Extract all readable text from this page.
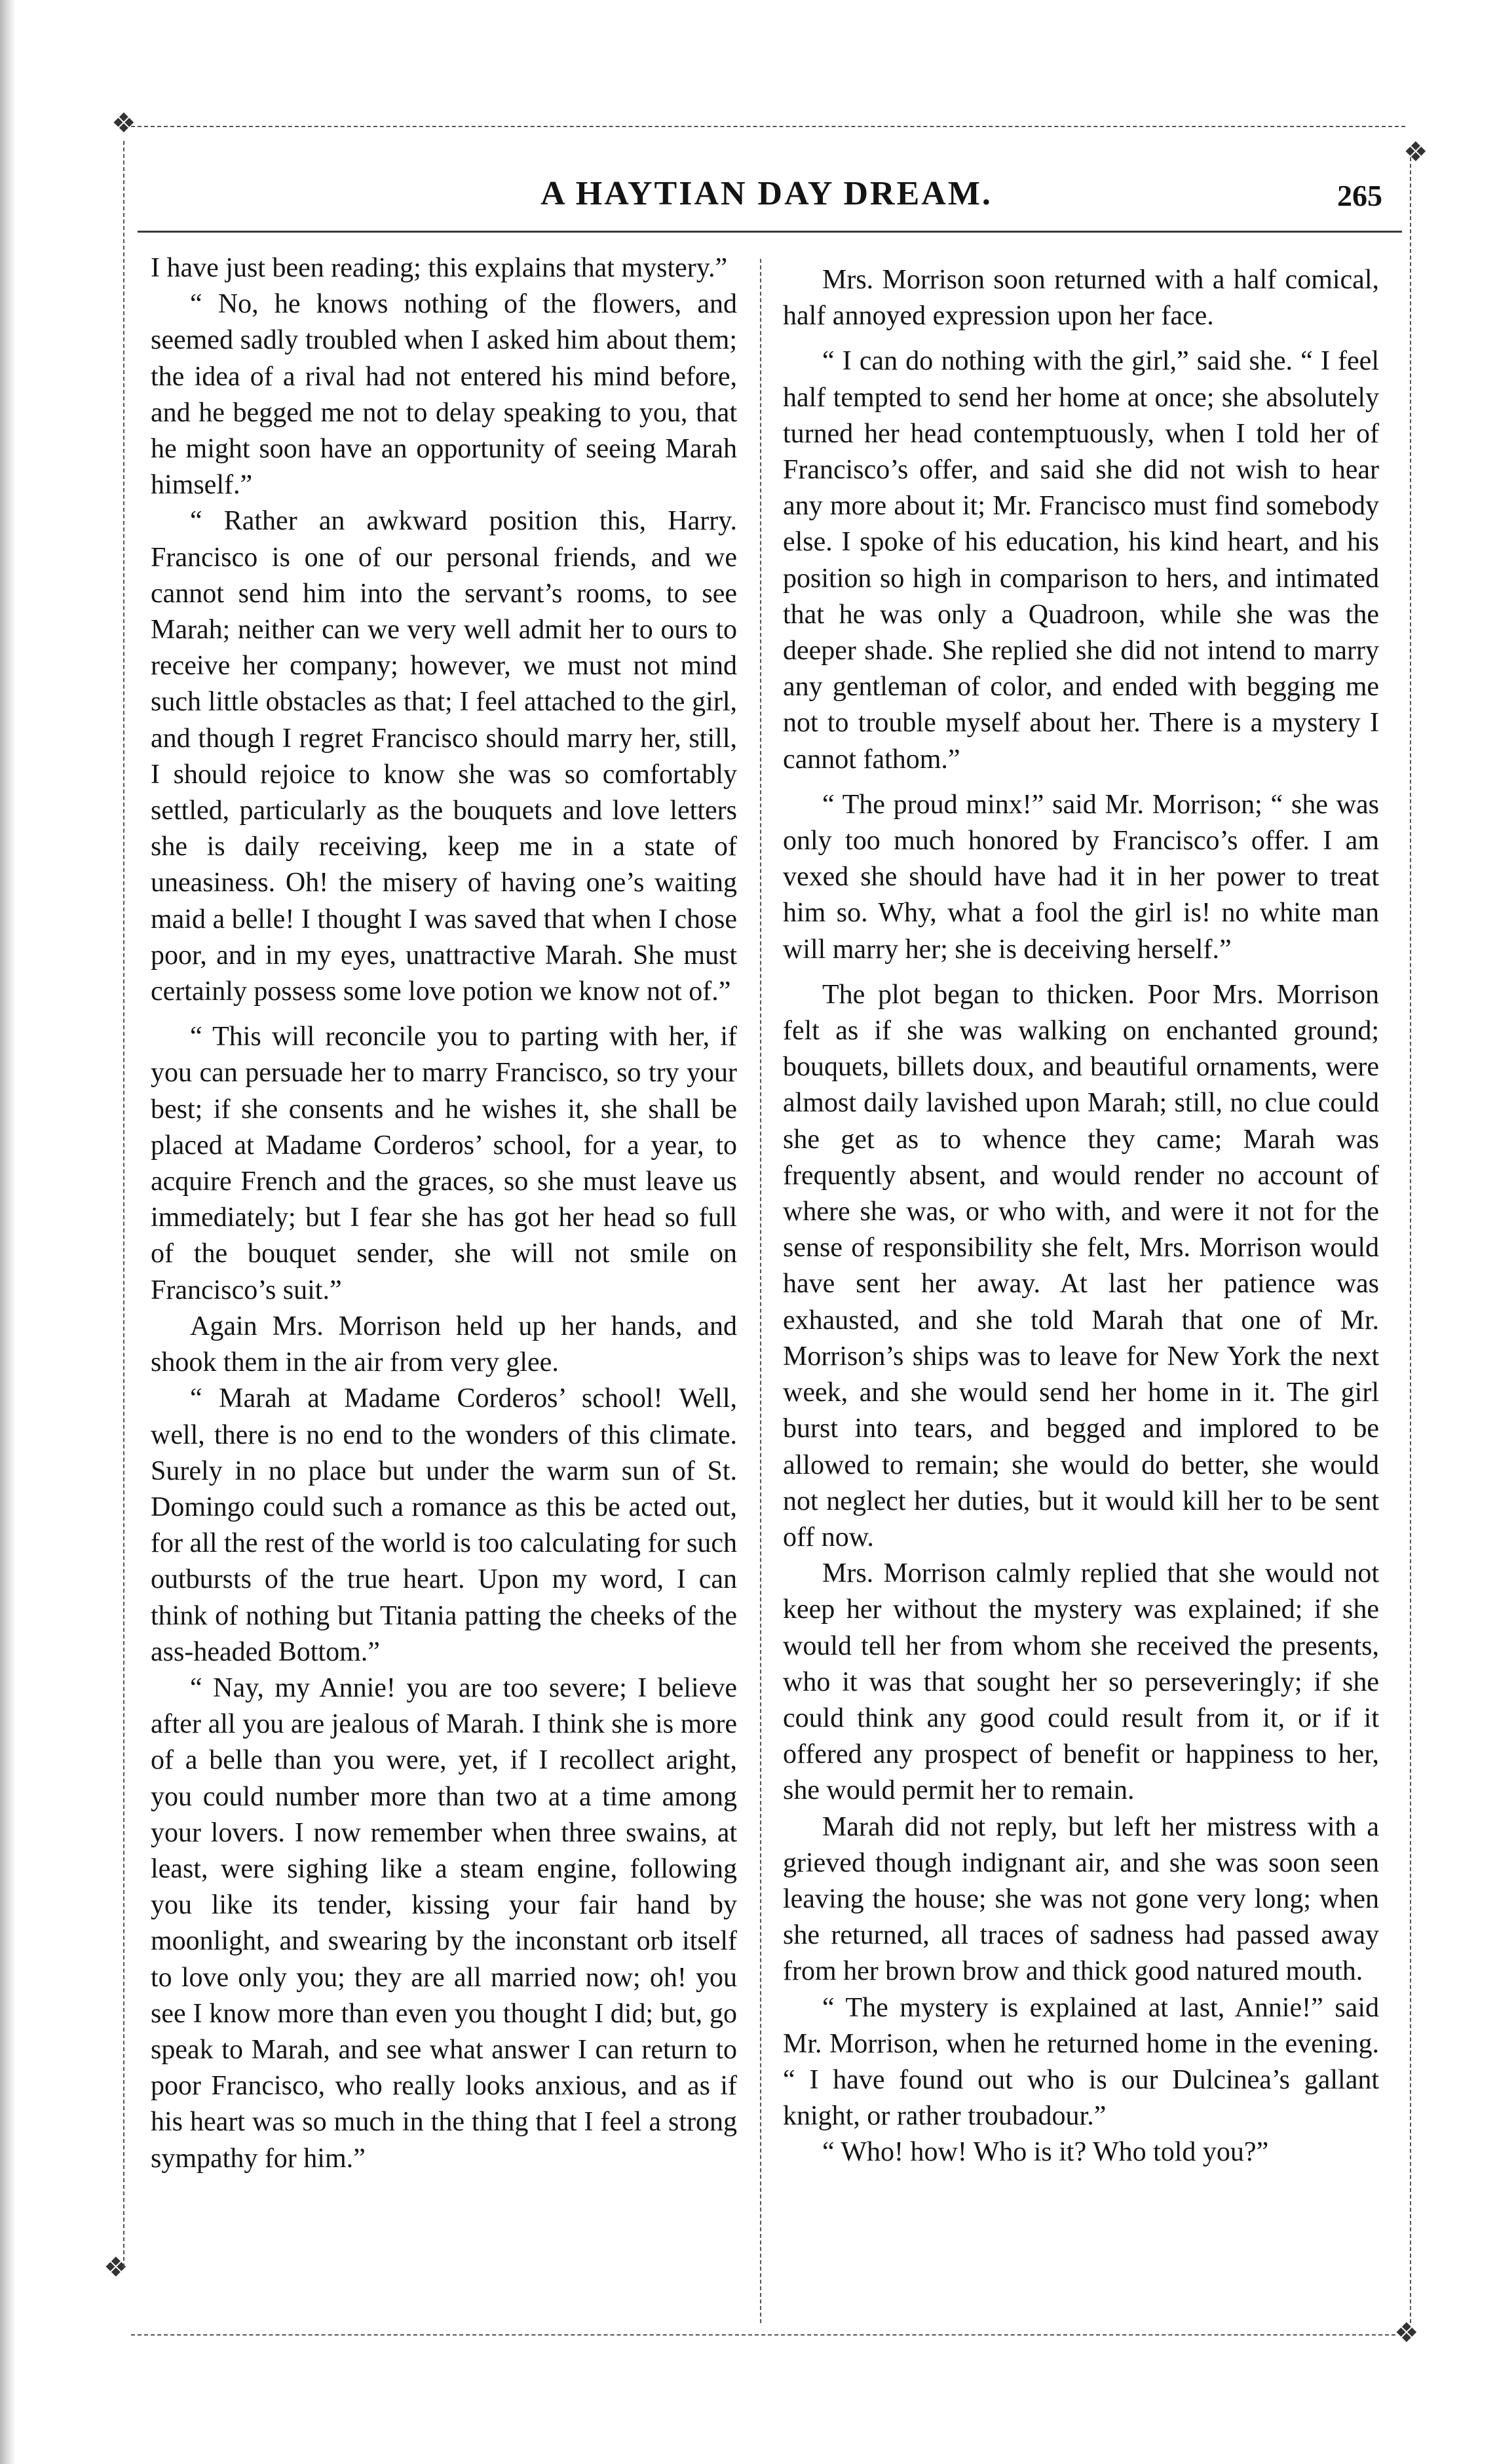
❖
❖
❖
❖
A HAYTIAN DAY DREAM.	265

I have just been reading; this explains that mystery.”

“ No, he knows nothing of the flowers, and seemed sadly troubled when I asked him about them; the idea of a rival had not entered his mind before, and he begged me not to delay speaking to you, that he might soon have an opportunity of seeing Marah himself.”

“ Rather an awkward position this, Harry. Francisco is one of our personal friends, and we cannot send him into the servant’s rooms, to see Marah; neither can we very well admit her to ours to receive her company; however, we must not mind such little obstacles as that; I feel attached to the girl, and though I regret Francisco should marry her, still, I should rejoice to know she was so comfortably settled, particularly as the bouquets and love letters she is daily receiving, keep me in a state of uneasiness. Oh! the misery of having one’s waiting maid a belle! I thought I was saved that when I chose poor, and in my eyes, unattractive Marah. She must certainly possess some love potion we know not of.”

“ This will reconcile you to parting with her, if you can persuade her to marry Francisco, so try your best; if she consents and he wishes it, she shall be placed at Madame Corderos’ school, for a year, to acquire French and the graces, so she must leave us immediately; but I fear she has got her head so full of the bouquet sender, she will not smile on Francisco’s suit.”

Again Mrs. Morrison held up her hands, and shook them in the air from very glee.

“ Marah at Madame Corderos’ school! Well, well, there is no end to the wonders of this climate. Surely in no place but under the warm sun of St. Domingo could such a romance as this be acted out, for all the rest of the world is too calculating for such outbursts of the true heart. Upon my word, I can think of nothing but Titania patting the cheeks of the ass-headed Bottom.”

“ Nay, my Annie! you are too severe; I believe after all you are jealous of Marah. I think she is more of a belle than you were, yet, if I recollect aright, you could number more than two at a time among your lovers. I now remember when three swains, at least, were sighing like a steam engine, following you like its tender, kissing your fair hand by moonlight, and swearing by the inconstant orb itself to love only you; they are all married now; oh! you see I know more than even you thought I did; but, go speak to Marah, and see what answer I can return to poor Francisco, who really looks anxious, and as if his heart was so much in the thing that I feel a strong sympathy for him.”

Mrs. Morrison soon returned with a half comical, half annoyed expression upon her face.

“ I can do nothing with the girl,” said she. “ I feel half tempted to send her home at once; she absolutely turned her head contemptuously, when I told her of Francisco’s offer, and said she did not wish to hear any more about it; Mr. Francisco must find somebody else. I spoke of his education, his kind heart, and his position so high in comparison to hers, and intimated that he was only a Quadroon, while she was the deeper shade. She replied she did not intend to marry any gentleman of color, and ended with begging me not to trouble myself about her. There is a mystery I cannot fathom.”

“ The proud minx!” said Mr. Morrison; “ she was only too much honored by Francisco’s offer. I am vexed she should have had it in her power to treat him so. Why, what a fool the girl is! no white man will marry her; she is deceiving herself.”

The plot began to thicken. Poor Mrs. Morrison felt as if she was walking on enchanted ground; bouquets, billets doux, and beautiful ornaments, were almost daily lavished upon Marah; still, no clue could she get as to whence they came; Marah was frequently absent, and would render no account of where she was, or who with, and were it not for the sense of responsibility she felt, Mrs. Morrison would have sent her away. At last her patience was exhausted, and she told Marah that one of Mr. Morrison’s ships was to leave for New York the next week, and she would send her home in it. The girl burst into tears, and begged and implored to be allowed to remain; she would do better, she would not neglect her duties, but it would kill her to be sent off now.

Mrs. Morrison calmly replied that she would not keep her without the mystery was explained; if she would tell her from whom she received the presents, who it was that sought her so perseveringly; if she could think any good could result from it, or if it offered any prospect of benefit or happiness to her, she would permit her to remain.

Marah did not reply, but left her mistress with a grieved though indignant air, and she was soon seen leaving the house; she was not gone very long; when she returned, all traces of sadness had passed away from her brown brow and thick good natured mouth.

“ The mystery is explained at last, Annie!” said Mr. Morrison, when he returned home in the evening. “ I have found out who is our Dulcinea’s gallant knight, or rather troubadour.”

“ Who! how! Who is it? Who told you?”
